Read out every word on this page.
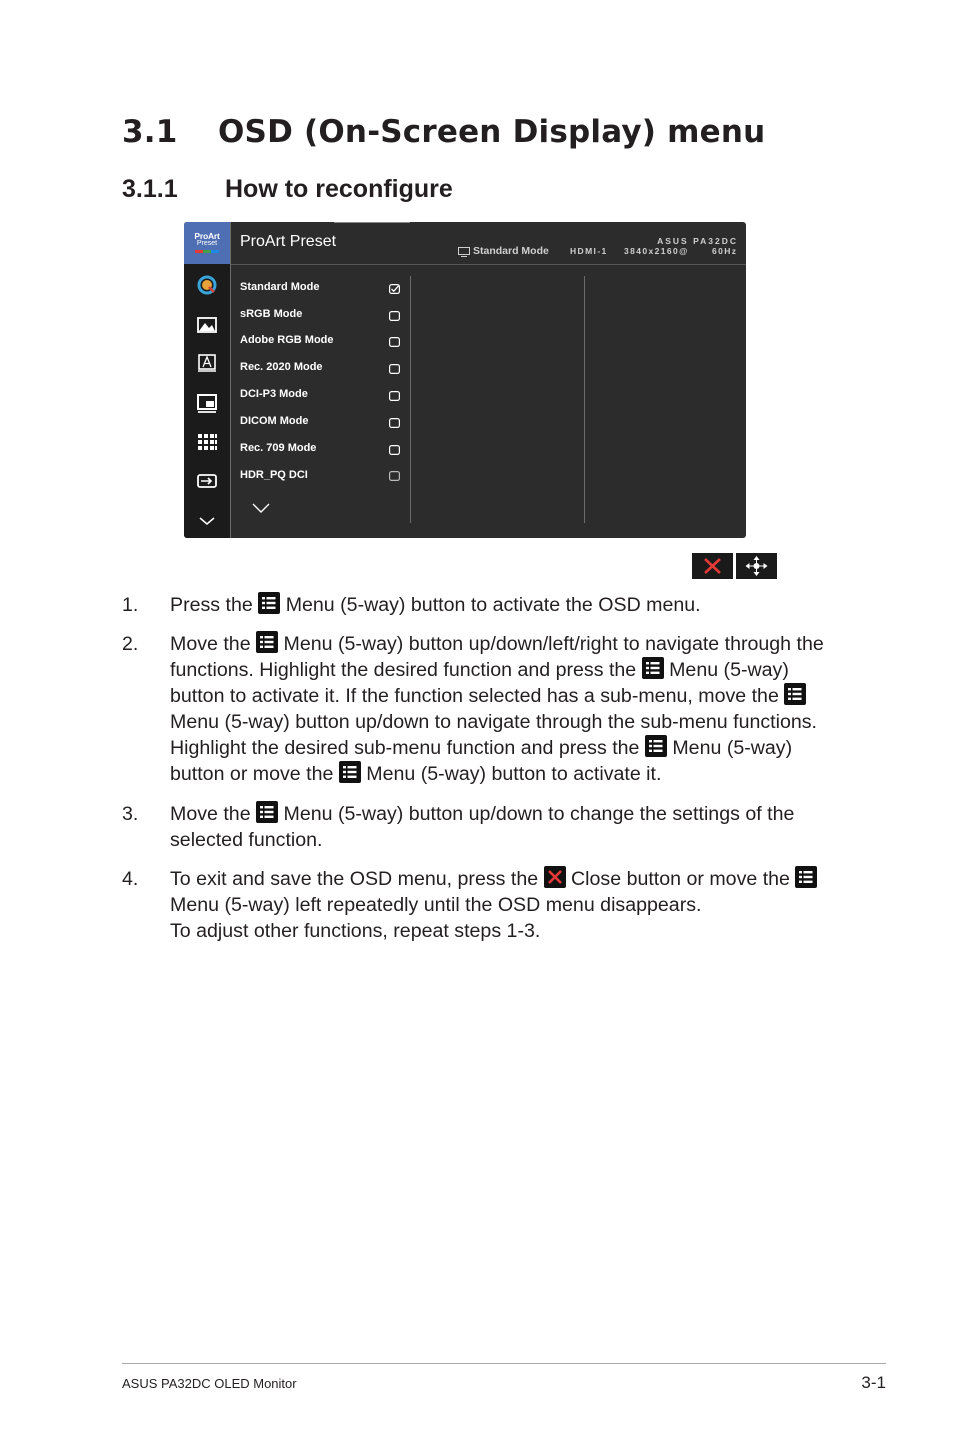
3.1 OSD (On-Screen Display) menu
3.1.1 How to reconfigure
ProArt
Preset	ProArt Preset
Standard Mode HDMI-1 3840x2160@	60Hz
ASUS PA32DC
Standard Mode
sRGB Mode
Adobe RGB Mode
Rec. 2020 Mode
DCI-P3 Mode
DICOM Mode
Rec. 709 Mode
HDR_PQ DCI
1. Press the Menu (5-way) button to activate the OSD menu.
2. Move the Menu (5-way) button up/down/left/right to navigate through the functions. Highlight the desired function and press the Menu (5-way) button to activate it. If the function selected has a sub-menu, move the
Menu (5-way) button up/down to navigate through the sub-menu functions. Highlight the desired sub-menu function and press the Menu (5-way) button or move the Menu (5-way) button to activate it.
3. Move the Menu (5-way) button up/down to change the settings of the selected function.
4. To exit and save the OSD menu, press the Close button or move the
Menu (5-way) left repeatedly until the OSD menu disappears.
To adjust other functions, repeat steps 1-3.
ASUS PA32DC OLED Monitor	3-1
